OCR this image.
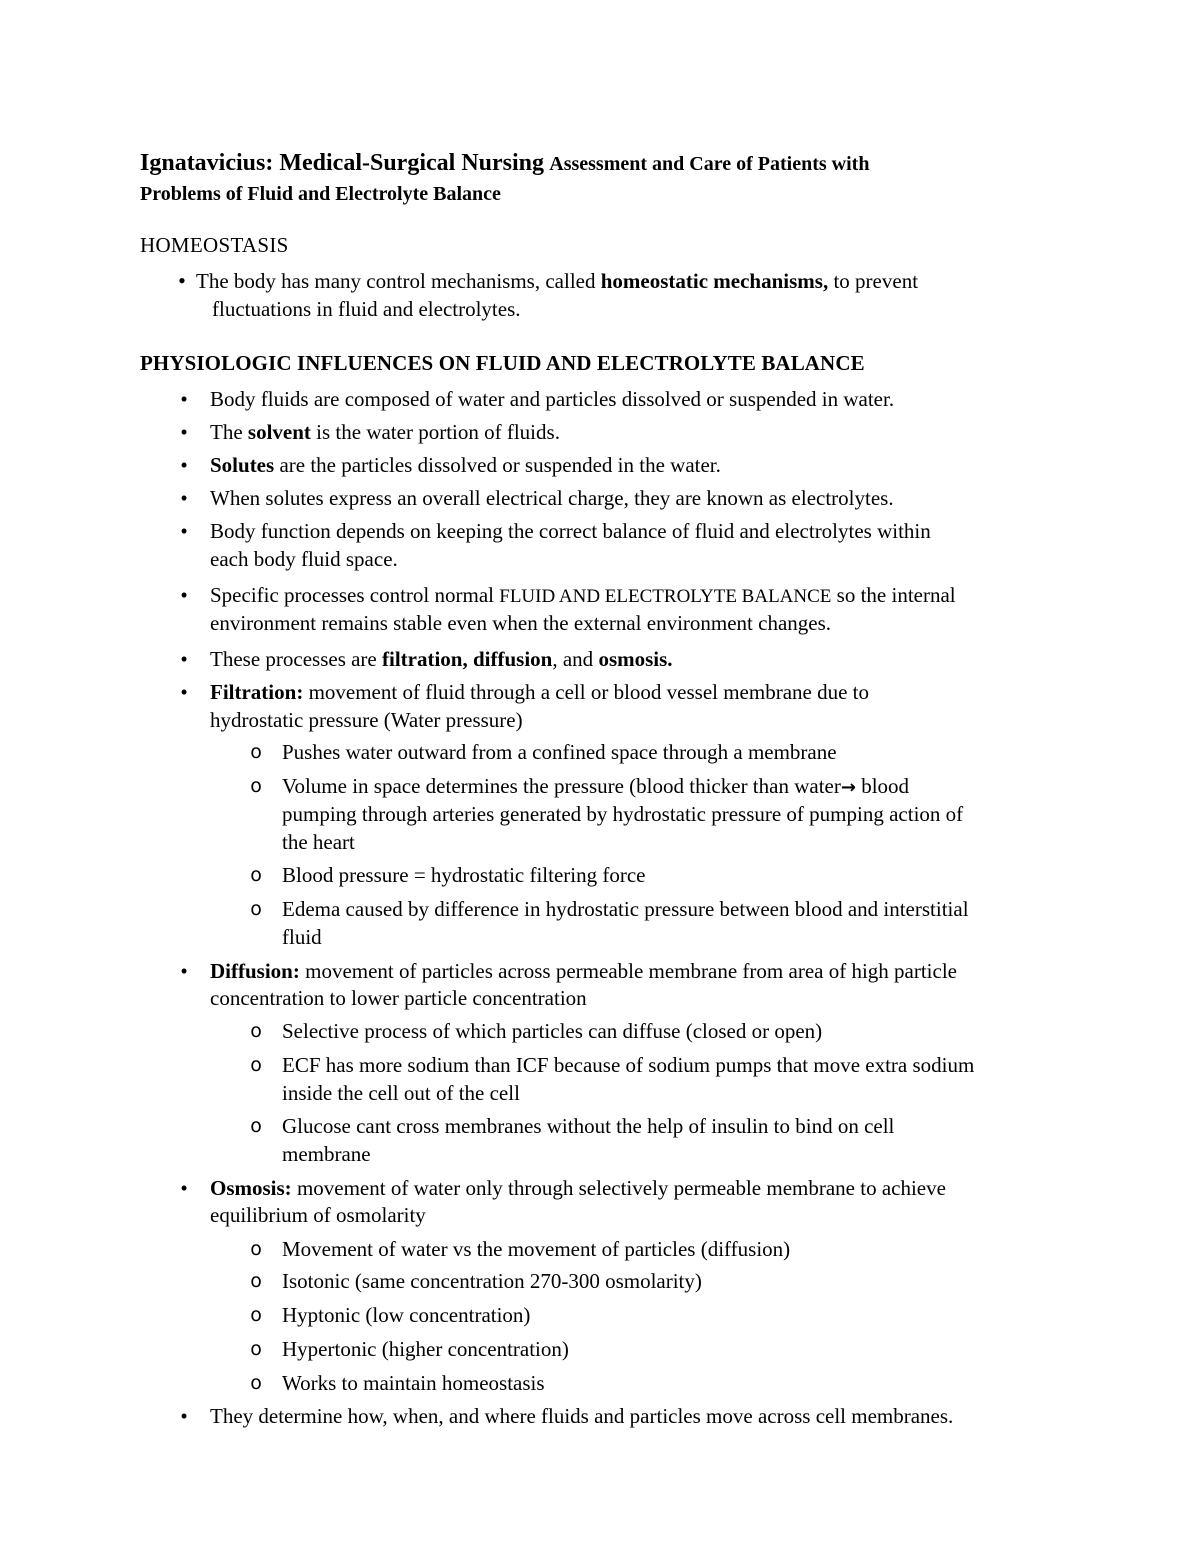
Ignatavicius: Medical-Surgical Nursing Assessment and Care of Patients with
Problems of Fluid and Electrolyte Balance
HOMEOSTASIS
• The body has many control mechanisms, called homeostatic mechanisms, to prevent
fluctuations in fluid and electrolytes.
PHYSIOLOGIC INFLUENCES ON FLUID AND ELECTROLYTE BALANCE
•	Body fluids are composed of water and particles dissolved or suspended in water.
•	The solvent is the water portion of fluids.
•	Solutes are the particles dissolved or suspended in the water.
•	When solutes express an overall electrical charge, they are known as electrolytes.
•	Body function depends on keeping the correct balance of fluid and electrolytes within
each body fluid space.
•	Specific processes control normal FLUID AND ELECTROLYTE BALANCE so the internal
environment remains stable even when the external environment changes.
•	These processes are filtration, diffusion, and osmosis.
•	Filtration: movement of fluid through a cell or blood vessel membrane due to
hydrostatic pressure (Water pressure)
o Pushes water outward from a confined space through a membrane
o Volume in space determines the pressure (blood thicker than water→ blood
pumping through arteries generated by hydrostatic pressure of pumping action of
the heart
o Blood pressure = hydrostatic filtering force
o Edema caused by difference in hydrostatic pressure between blood and interstitial
fluid
•	Diffusion: movement of particles across permeable membrane from area of high particle
concentration to lower particle concentration
o Selective process of which particles can diffuse (closed or open)
o ECF has more sodium than ICF because of sodium pumps that move extra sodium
inside the cell out of the cell
o Glucose cant cross membranes without the help of insulin to bind on cell
membrane
•	Osmosis: movement of water only through selectively permeable membrane to achieve
equilibrium of osmolarity
o Movement of water vs the movement of particles (diffusion)
o Isotonic (same concentration 270-300 osmolarity)
o Hyptonic (low concentration)
o Hypertonic (higher concentration)
o Works to maintain homeostasis
•	They determine how, when, and where fluids and particles move across cell membranes.
